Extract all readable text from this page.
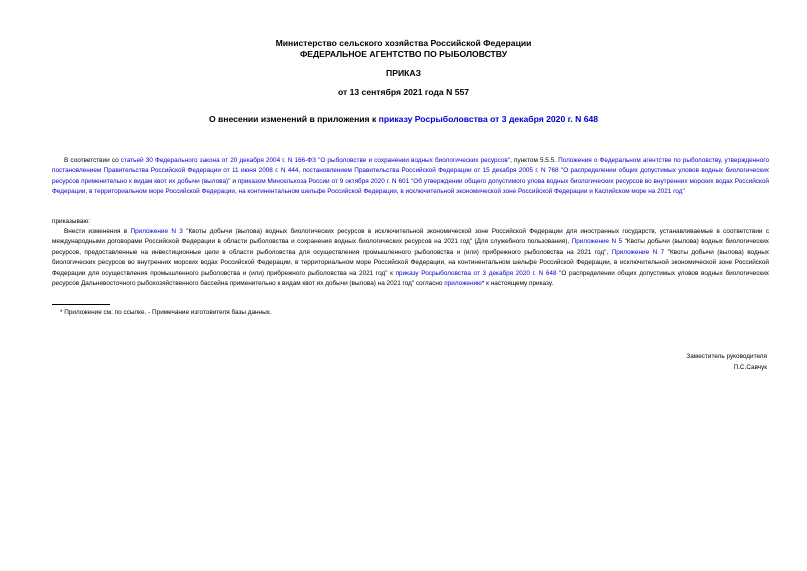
Министерство сельского хозяйства Российской Федерации

ФЕДЕРАЛЬНОЕ АГЕНТСТВО ПО РЫБОЛОВСТВУ

ПРИКАЗ

от 13 сентября 2021 года N 557

О внесении изменений в приложения к приказу Росрыболовства от 3 декабря 2020 г. N 648

В соответствии со статьей 30 Федерального закона от 20 декабря 2004 г. N 166-ФЗ "О рыболовстве и сохранении водных биологических ресурсов", пунктом 5.5.5. Положения о Федеральном агентстве по рыболовству, утвержденного постановлением Правительства Российской Федерации от 11 июня 2008 г. N 444, постановлением Правительства Российской Федерации от 15 декабря 2005 г. N 768 "О распределении общих допустимых уловов водных биологических ресурсов применительно к видам квот их добычи (вылова)" и приказом Минсельхоза России от 9 октября 2020 г. N 601 "Об утверждении общего допустимого улова водных биологических ресурсов во внутренних морских водах Российской Федерации, в территориальном море Российской Федерации, на континентальном шельфе Российской Федерации, в исключительной экономической зоне Российской Федерации и Каспийском море на 2021 год"

приказываю:

Внести изменения в Приложение N 3 "Квоты добычи (вылова) водных биологических ресурсов в исключительной экономической зоне Российской Федерации для иностранных государств, устанавливаемые в соответствии с международными договорами Российской Федерации в области рыболовства и сохранения водных биологических ресурсов на 2021 год" (Для служебного пользования), Приложение N 5 "Квоты добычи (вылова) водных биологических ресурсов, предоставленные на инвестиционные цели в области рыболовства для осуществления промышленного рыболовства и (или) прибрежного рыболовства на 2021 год", Приложение N 7 "Квоты добычи (вылова) водных биологических ресурсов во внутренних морских водах Российской Федерации, в территориальном море Российской Федерации, на континентальном шельфе Российской Федерации, в исключительной экономической зоне Российской Федерации для осуществления промышленного рыболовства и (или) прибрежного рыболовства на 2021 год" к приказу Росрыболовства от 3 декабря 2020 г. N 648 "О распределении общих допустимых уловов водных биологических ресурсов Дальневосточного рыбохозяйственного бассейна применительно к видам квот их добычи (вылова) на 2021 год" согласно приложению* к настоящему приказу.

* Приложение см. по ссылке. - Примечание изготовителя базы данных.

Заместитель руководителя

П.С.Савчук
